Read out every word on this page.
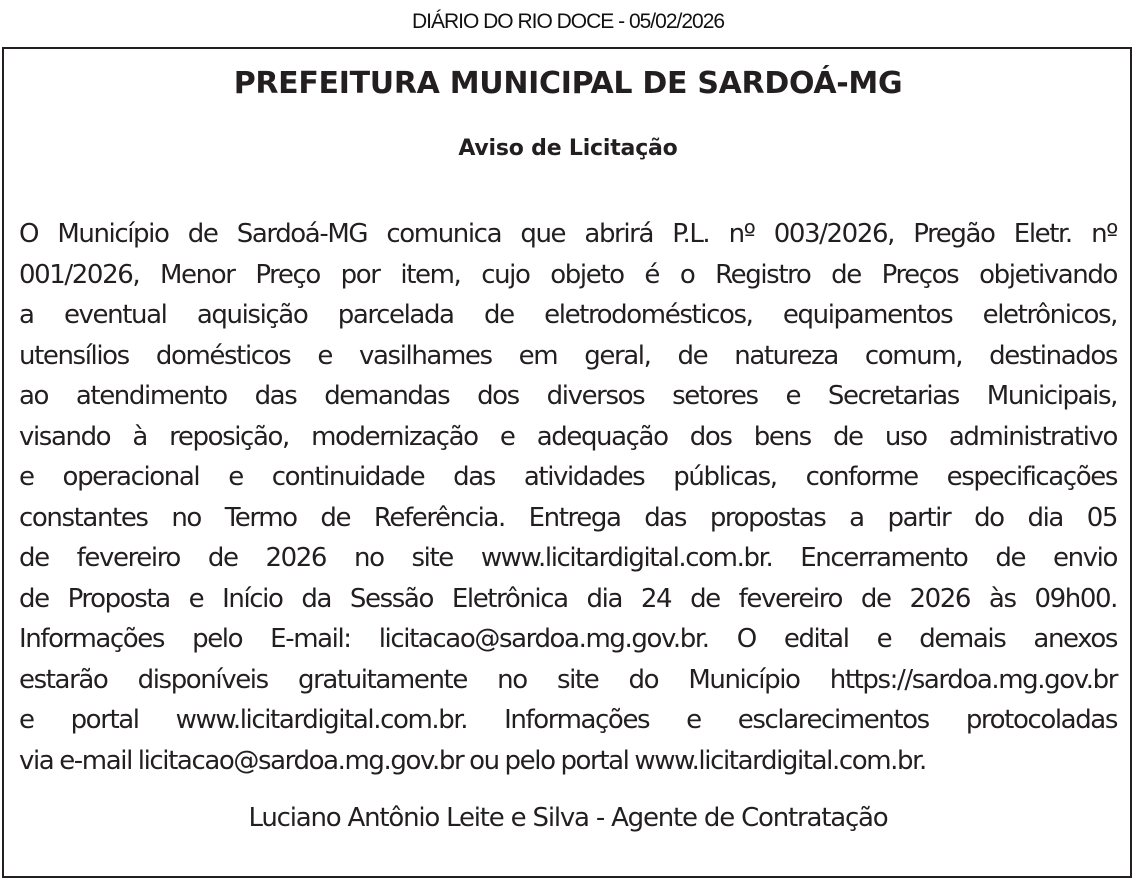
DIÁRIO DO RIO DOCE - 05/02/2026
PREFEITURA MUNICIPAL DE SARDOÁ-MG
Aviso de Licitação
O Município de Sardoá-MG comunica que abrirá P.L. nº 003/2026, Pregão Eletr. nº
001/2026, Menor Preço por item, cujo objeto é o Registro de Preços objetivando
a eventual aquisição parcelada de eletrodomésticos, equipamentos eletrônicos,
utensílios domésticos e vasilhames em geral, de natureza comum, destinados
ao atendimento das demandas dos diversos setores e Secretarias Municipais,
visando à reposição, modernização e adequação dos bens de uso administrativo
e operacional e continuidade das atividades públicas, conforme especificações
constantes no Termo de Referência. Entrega das propostas a partir do dia 05
de fevereiro de 2026 no site www.licitardigital.com.br. Encerramento de envio
de Proposta e Início da Sessão Eletrônica dia 24 de fevereiro de 2026 às 09h00.
Informações pelo E-mail: licitacao@sardoa.mg.gov.br. O edital e demais anexos
estarão disponíveis gratuitamente no site do Município https://sardoa.mg.gov.br
e portal www.licitardigital.com.br. Informações e esclarecimentos protocoladas
via e-mail licitacao@sardoa.mg.gov.br ou pelo portal www.licitardigital.com.br.
Luciano Antônio Leite e Silva - Agente de Contratação
